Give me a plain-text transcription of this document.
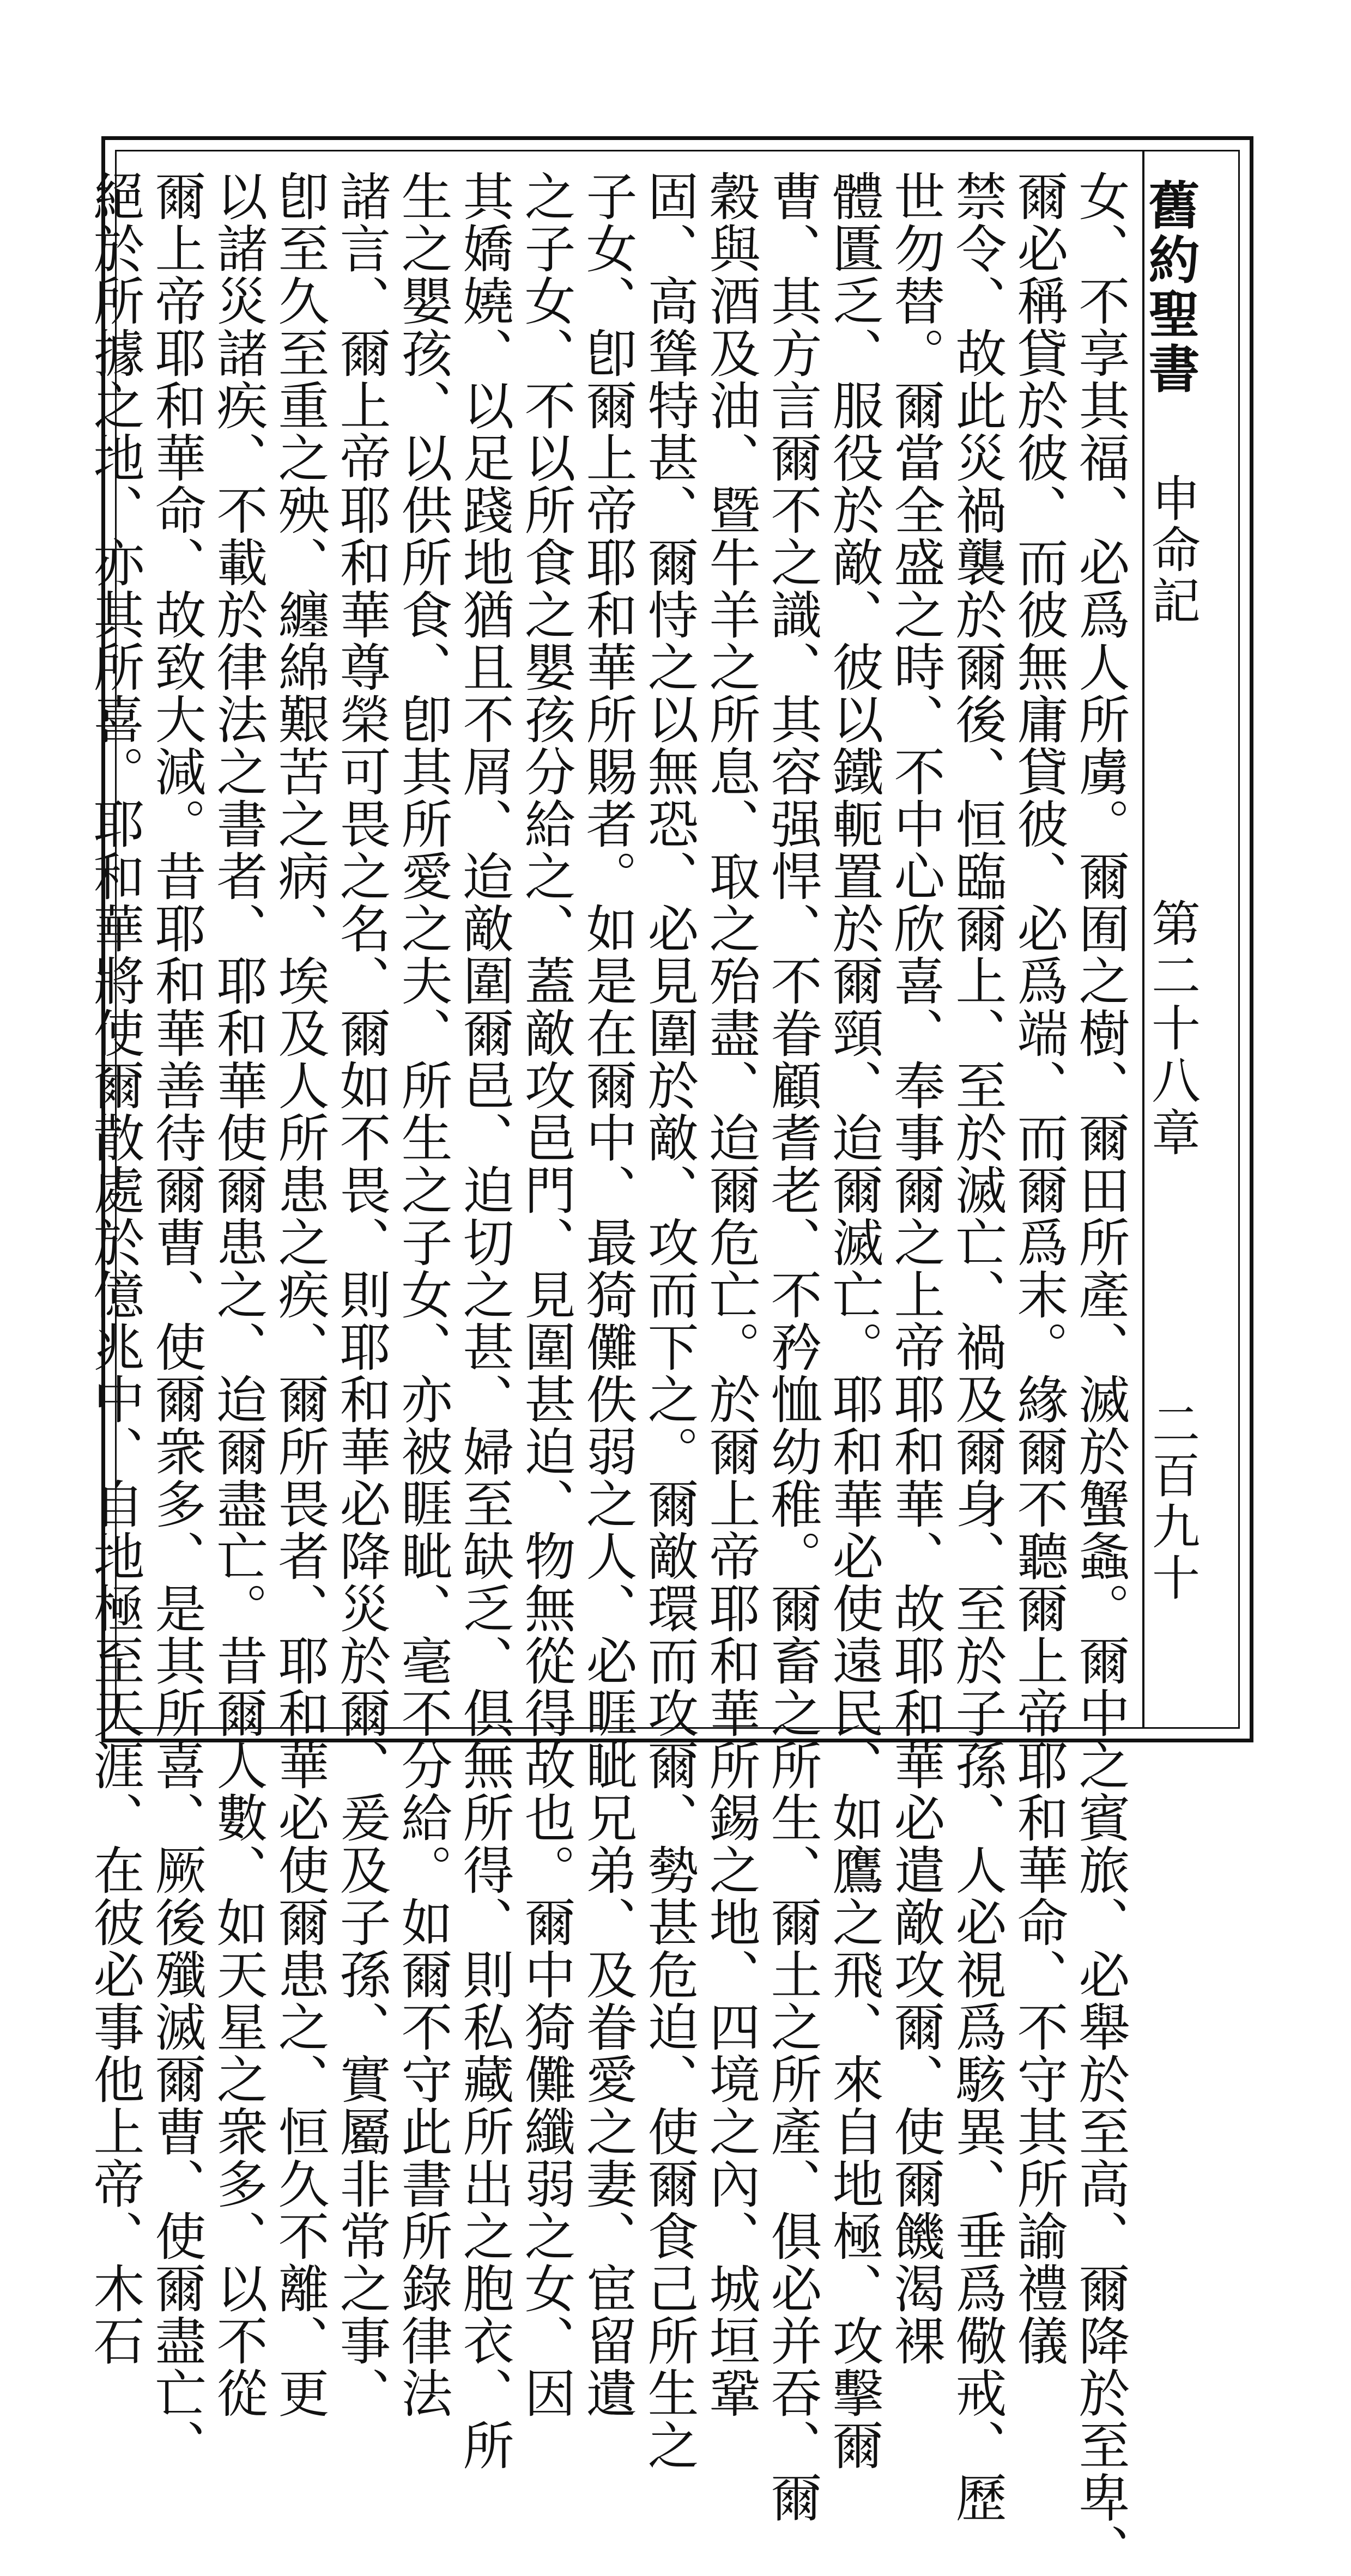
舊約聖書
申命記
第二十八章
二百九十
女、不享其福、必爲人所虜。爾囿之樹、爾田所產、滅於蟹螽。爾中之賓旅、必舉於至高、爾降於至卑、
爾必稱貸於彼、而彼無庸貸彼、必爲端、而爾爲末。緣爾不聽爾上帝耶和華命、不守其所諭禮儀
禁令、故此災禍襲於爾後、恒臨爾上、至於滅亡、禍及爾身、至於子孫、人必視爲駭異、垂爲儆戒、歷
世勿替。爾當全盛之時、不中心欣喜、奉事爾之上帝耶和華、故耶和華必遣敵攻爾、使爾饑渴裸
體匱乏、服役於敵、彼以鐵軛置於爾頸、迨爾滅亡。耶和華必使遠民、如鷹之飛、來自地極、攻擊爾
曹、其方言爾不之識、其容强悍、不眷顧耆老、不矜恤幼稚。爾畜之所生、爾土之所產、俱必并吞、爾
穀與酒及油、暨牛羊之所息、取之殆盡、迨爾危亡。於爾上帝耶和華所錫之地、四境之內、城垣鞏
固、高聳特甚、爾恃之以無恐、必見圍於敵、攻而下之。爾敵環而攻爾、勢甚危迫、使爾食己所生之
子女、卽爾上帝耶和華所賜者。如是在爾中、最猗儺佚弱之人、必睚眦兄弟、及眷愛之妻、宦留遺
之子女、不以所食之嬰孩分給之、蓋敵攻邑門、見圍甚迫、物無從得故也。爾中猗儺纖弱之女、因
其嬌嬈、以足踐地猶且不屑、迨敵圍爾邑、迫切之甚、婦至缺乏、俱無所得、則私藏所出之胞衣、所
生之嬰孩、以供所食、卽其所愛之夫、所生之子女、亦被睚眦、毫不分給。如爾不守此書所錄律法
諸言、爾上帝耶和華尊榮可畏之名、爾如不畏、則耶和華必降災於爾、爰及子孫、實屬非常之事、
卽至久至重之殃、纏綿艱苦之病、埃及人所患之疾、爾所畏者、耶和華必使爾患之、恒久不離、更
以諸災諸疾、不載於律法之書者、耶和華使爾患之、迨爾盡亡。昔爾人數、如天星之衆多、以不從
爾上帝耶和華命、故致大減。昔耶和華善待爾曹、使爾衆多、是其所喜、厥後殲滅爾曹、使爾盡亡、
絕於所據之地、亦其所喜。耶和華將使爾散處於億兆中、自地極至天涯、在彼必事他上帝、木石
